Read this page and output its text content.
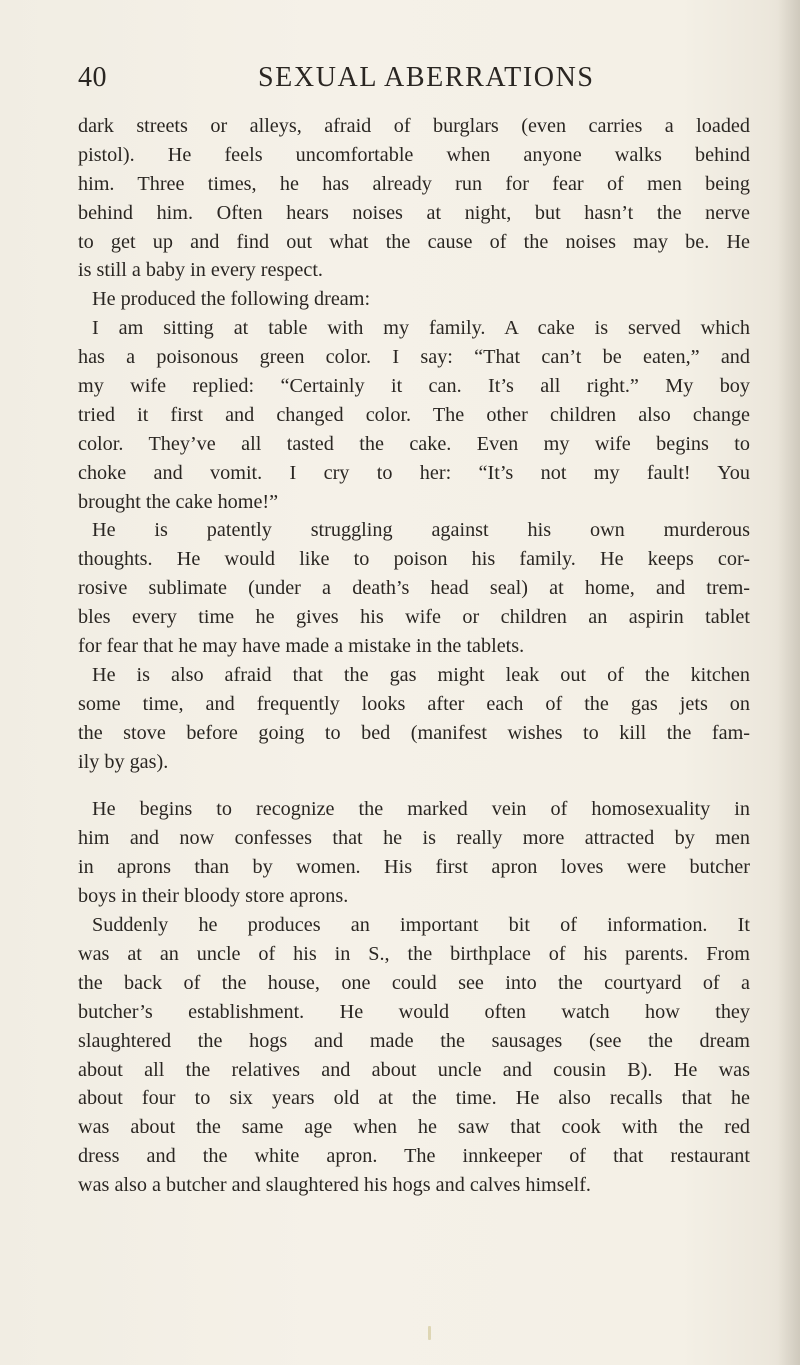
40	SEXUAL ABERRATIONS
dark streets or alleys, afraid of burglars (even carries a loaded
pistol). He feels uncomfortable when anyone walks behind
him. Three times, he has already run for fear of men being
behind him. Often hears noises at night, but hasn’t the nerve
to get up and find out what the cause of the noises may be. He
is still a baby in every respect.
He produced the following dream:
I am sitting at table with my family. A cake is served which
has a poisonous green color. I say: “That can’t be eaten,” and
my wife replied: “Certainly it can. It’s all right.” My boy
tried it first and changed color. The other children also change
color. They’ve all tasted the cake. Even my wife begins to
choke and vomit. I cry to her: “It’s not my fault! You
brought the cake home!”
He is patently struggling against his own murderous
thoughts. He would like to poison his family. He keeps cor-
rosive sublimate (under a death’s head seal) at home, and trem-
bles every time he gives his wife or children an aspirin tablet
for fear that he may have made a mistake in the tablets.
He is also afraid that the gas might leak out of the kitchen
some time, and frequently looks after each of the gas jets on
the stove before going to bed (manifest wishes to kill the fam-
ily by gas).
He begins to recognize the marked vein of homosexuality in
him and now confesses that he is really more attracted by men
in aprons than by women. His first apron loves were butcher
boys in their bloody store aprons.
Suddenly he produces an important bit of information. It
was at an uncle of his in S., the birthplace of his parents. From
the back of the house, one could see into the courtyard of a
butcher’s establishment. He would often watch how they
slaughtered the hogs and made the sausages (see the dream
about all the relatives and about uncle and cousin B). He was
about four to six years old at the time. He also recalls that he
was about the same age when he saw that cook with the red
dress and the white apron. The innkeeper of that restaurant
was also a butcher and slaughtered his hogs and calves himself.
